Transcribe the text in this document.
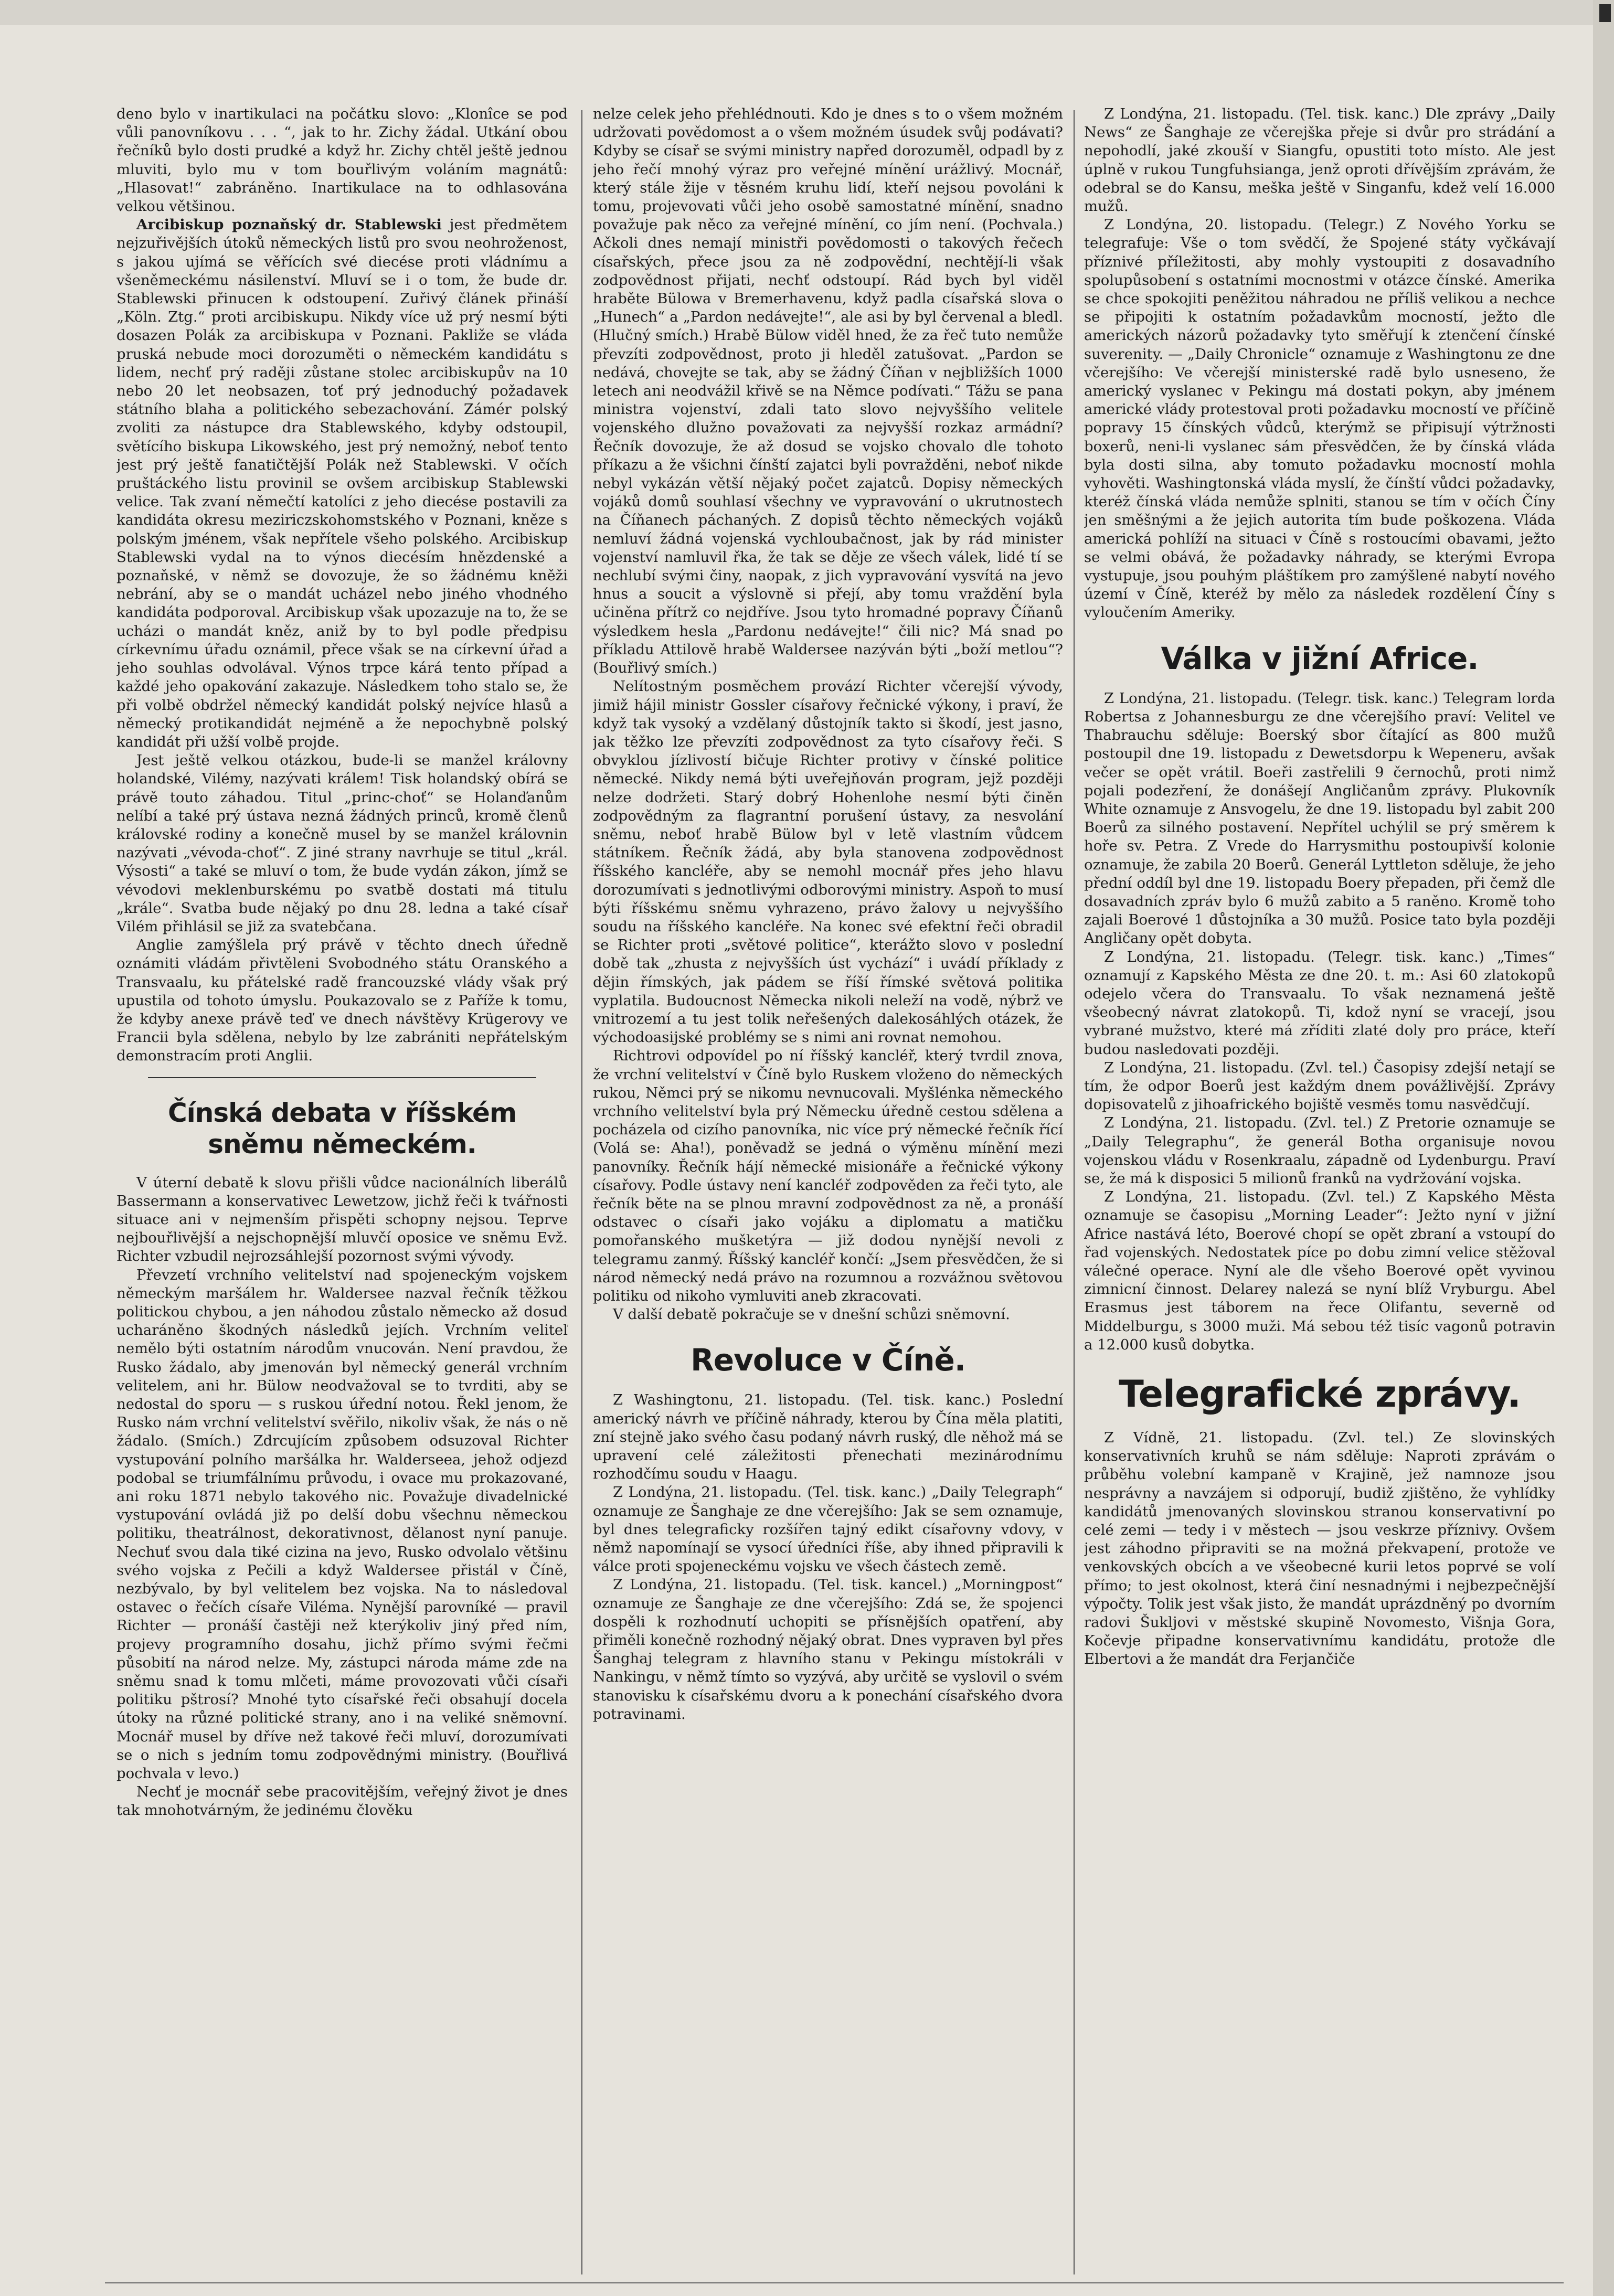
deno bylo v inartikulaci na počátku slovo: „Klonîce se pod vůli panovníkovu . . . “, jak to hr. Zichy žádal. Utkání obou řečníků bylo dosti prudké a když hr. Zichy chtěl ještě jednou mluviti, bylo mu v tom bouřlivým voláním magnátů: „Hlasovat!“ zabráněno. Inartikulace na to odhlasována velkou většinou.

Arcibiskup poznaňský dr. Stablewski jest předmětem nejzuřivějších útoků německých listů pro svou neohroženost, s jakou ujímá se věřících své diecése proti vládnímu a všeněmeckému násilenství. Mluví se i o tom, že bude dr. Stablewski přinucen k odstoupení. Zuřivý článek přináší „Köln. Ztg.“ proti arcibiskupu. Nikdy více už prý nesmí býti dosazen Polák za arcibiskupa v Poznani. Pakliže se vláda pruská nebude moci dorozuměti o německém kandidátu s lidem, nechť prý raději zůstane stolec arcibiskupův na 10 nebo 20 let neobsazen, toť prý jednoduchý požadavek státního blaha a politického sebezachování. Zámér polský zvoliti za nástupce dra Stablewského, kdyby odstoupil, světícího biskupa Likowského, jest prý nemožný, neboť tento jest prý ještě fanatičtější Polák než Stablewski. V očích pruštáckého listu provinil se ovšem arcibiskup Stablewski velice. Tak zvaní němečtí katolíci z jeho diecése postavili za kandidáta okresu meziriczskohomstského v Poznani, kněze s polským jménem, však nepřítele všeho polského. Arcibiskup Stablewski vydal na to výnos diecésím hnězdenské a poznaňské, v němž se dovozuje, že so žádnému kněži nebrání, aby se o mandát ucházel nebo jiného vhodného kandidáta podporoval. Arcibiskup však upozazuje na to, že se ucházi o mandát kněz, aniž by to byl podle předpisu církevnímu úřadu oznámil, přece však se na církevní úřad a jeho souhlas odvolával. Výnos trpce kárá tento případ a každé jeho opakování zakazuje. Následkem toho stalo se, že při volbě obdržel německý kandidát polský nejvíce hlasů a německý protikandidát nejméně a že nepochybně polský kandidát při užší volbě projde.

Jest ještě velkou otázkou, bude-li se manžel královny holandské, Vilémy, nazývati králem! Tisk holandský obírá se právě touto záhadou. Titul „princ-choť“ se Holanďanům nelíbí a také prý ústava nezná žádných princů, kromě členů královské rodiny a konečně musel by se manžel královnin nazývati „vévoda-choť“. Z jiné strany navrhuje se titul „král. Výsosti“ a také se mluví o tom, že bude vydán zákon, jímž se vévodovi meklenburskému po svatbě dostati má titulu „krále“. Svatba bude nějaký po dnu 28. ledna a také císař Vilém přihlásil se již za svatebčana.

Anglie zamýšlela prý právě v těchto dnech úředně oznámiti vládám přivtěleni Svobodného státu Oranského a Transvaalu, ku přátelské radě francouzské vlády však prý upustila od tohoto úmyslu. Poukazovalo se z Paříže k tomu, že kdyby anexe právě teď ve dnech návštěvy Krügerovy ve Francii byla sdělena, nebylo by lze zabrániti nepřátelským demonstracím proti Anglii.

Čínská debata v říšském sněmu německém.

V úterní debatě k slovu přišli vůdce nacionálních liberálů Bassermann a konservativec Lewetzow, jichž řeči k tvářnosti situace ani v nejmenším přispěti schopny nejsou. Teprve nejbouřlivější a nejschopnější mluvčí oposice ve sněmu Evž. Richter vzbudil nejrozsáhlejší pozornost svými vývody.

Převzetí vrchního velitelství nad spojeneckým vojskem německým maršálem hr. Waldersee nazval řečník těžkou politickou chybou, a jen náhodou zůstalo německo až dosud ucharáněno škodných následků jejích. Vrchním veliteľ nemělo býti ostatním národům vnucován. Není pravdou, že Rusko žádalo, aby jmenován byl německý generál vrchním velitelem, ani hr. Bülow neodvažoval se to tvrditi, aby se nedostal do sporu — s ruskou úřední notou. Řekl jenom, že Rusko nám vrchní velitelství svěřilo, nikoliv však, že nás o ně žádalo. (Smích.) Zdrcujícím způsobem odsuzoval Richter vystupování polního maršálka hr. Walderseea, jehož odjezd podobal se triumfálnímu průvodu, i ovace mu prokazované, ani roku 1871 nebylo takového nic. Považuje divadelnické vystupování ovládá již po delší dobu všechnu německou politiku, theatrálnost, dekorativnost, dělanost nyní panuje. Nechuť svou dala tiké cizina na jevo, Rusko odvolalo většinu svého vojska z Pečili a když Waldersee přistál v Číně, nezbývalo, by byl velitelem bez vojska. Na to následoval ostavec o řečích císaře Viléma. Nynější parovníké — pravil Richter — pronáší častěji než kterýkoliv jiný před ním, projevy programního dosahu, jichž přímo svými řečmi působití na národ nelze. My, zástupci národa máme zde na sněmu snad k tomu mlčeti, máme provozovati vůči císaři politiku pštrosí? Mnohé tyto císařské řeči obsahují docela útoky na různé politické strany, ano i na veliké sněmovní. Mocnář musel by dříve než takové řeči mluví, dorozumívati se o nich s jedním tomu zodpovědnými ministry. (Bouřlivá pochvala v levo.)

Nechť je mocnář sebe pracovitějším, veřejný život je dnes tak mnohotvárným, že jedinému člověku

nelze celek jeho přehlédnouti. Kdo je dnes s to o všem možném udržovati povědomost a o všem možném úsudek svůj podávati? Kdyby se císař se svými ministry napřed dorozuměl, odpadl by z jeho řečí mnohý výraz pro veřejné mínění urážlivý. Mocnář, který stále žije v těsném kruhu lidí, kteří nejsou povoláni k tomu, projevovati vůči jeho osobě samostatné mínění, snadno považuje pak něco za veřejné mínění, co jím není. (Pochvala.) Ačkoli dnes nemají ministři povědomosti o takových řečech císařských, přece jsou za ně zodpovědní, nechtějí-li však zodpovědnost přijati, nechť odstoupí. Rád bych byl viděl hraběte Bülowa v Bremerhavenu, když padla císařská slova o „Hunech“ a „Pardon nedávejte!“, ale asi by byl červenal a bledl. (Hlučný smích.) Hrabě Bülow viděl hned, že za řeč tuto nemůže převzíti zodpovědnost, proto ji hleděl zatušovat. „Pardon se nedává, chovejte se tak, aby se žádný Číňan v nejbližších 1000 letech ani neodvážil křivě se na Němce podívati.“ Tážu se pana ministra vojenství, zdali tato slovo nejvyššího velitele vojenského dlužno považovati za nejvyšší rozkaz armádní? Řečník dovozuje, že až dosud se vojsko chovalo dle tohoto příkazu a že všichni čínští zajatci byli povražděni, neboť nikde nebyl vykázán větší nějaký počet zajatců. Dopisy německých vojáků domů souhlasí všechny ve vypravování o ukrutnostech na Číňanech páchaných. Z dopisů těchto německých vojáků nemluví žádná vojenská vychloubačnost, jak by rád minister vojenství namluvil řka, že tak se děje ze všech válek, lidé tí se nechlubí svými činy, naopak, z jich vypravování vysvítá na jevo hnus a soucit a výslovně si přejí, aby tomu vraždění byla učiněna přítrž co nejdříve. Jsou tyto hromadné popravy Číňanů výsledkem hesla „Pardonu nedávejte!“ čili nic? Má snad po příkladu Attilově hrabě Waldersee nazýván býti „boží metlou“? (Bouřlivý smích.)

Nelítostným posměchem provází Richter včerejší vývody, jimiž hájil ministr Gossler císařovy řečnické výkony, i praví, že když tak vysoký a vzdělaný důstojník takto si škodí, jest jasno, jak těžko lze převzíti zodpovědnost za tyto císařovy řeči. S obvyklou jízlivostí bičuje Richter protivy v čínské politice německé. Nikdy nemá býti uveřejňován program, jejž později nelze dodržeti. Starý dobrý Hohenlohe nesmí býti činěn zodpovědným za flagrantní porušení ústavy, za nesvolání sněmu, neboť hrabě Bülow byl v letě vlastním vůdcem státníkem. Řečník žádá, aby byla stanovena zodpovědnost říšského kancléře, aby se nemohl mocnář přes jeho hlavu dorozumívati s jednotlivými odborovými ministry. Aspoň to musí býti říšskému sněmu vyhrazeno, právo žalovy u nejvyššího soudu na říšského kancléře. Na konec své efektní řeči obradil se Richter proti „světové politice“, kterážto slovo v poslední době tak „zhusta z nejvyšších úst vychází“ i uvádí příklady z dějin římských, jak pádem se říší římské světová politika vyplatila. Budoucnost Německa nikoli neleží na vodě, nýbrž ve vnitrozemí a tu jest tolik neřešených dalekosáhlých otázek, že východoasijské problémy se s nimi ani rovnat nemohou.

Richtrovi odpovídel po ní říšský kancléř, který tvrdil znova, že vrchní velitelství v Číně bylo Ruskem vloženo do německých rukou, Němci prý se nikomu nevnucovali. Myšlénka německého vrchního velitelství byla prý Německu úředně cestou sdělena a pocházela od cizího panovníka, nic více prý německé řečník řící (Volá se: Aha!), poněvadž se jedná o výměnu mínění mezi panovníky. Řečník hájí německé misionáře a řečnické výkony císařovy. Podle ústavy není kancléř zodpověden za řeči tyto, ale řečník běte na se plnou mravní zodpovědnost za ně, a pronáší odstavec o císaři jako vojáku a diplomatu a matičku pomořanského mušketýra — již dodou nynější nevoli z telegramu zanmý. Říšský kancléř končí: „Jsem přesvědčen, že si národ německý nedá právo na rozumnou a rozvážnou světovou politiku od nikoho vymluviti aneb zkracovati.

V další debatě pokračuje se v dnešní schůzi sněmovní.

Revoluce v Číně.

Z Washingtonu, 21. listopadu. (Tel. tisk. kanc.) Poslední americký návrh ve příčině náhrady, kterou by Čína měla platiti, zní stejně jako svého času podaný návrh ruský, dle něhož má se upravení celé záležitosti přenechati mezinárodnímu rozhodčímu soudu v Haagu.

Z Londýna, 21. listopadu. (Tel. tisk. kanc.) „Daily Telegraph“ oznamuje ze Šanghaje ze dne včerejšího: Jak se sem oznamuje, byl dnes telegraficky rozšířen tajný edikt císařovny vdovy, v němž napomínají se vysocí úředníci říše, aby ihned připravili k válce proti spojeneckému vojsku ve všech částech země.

Z Londýna, 21. listopadu. (Tel. tisk. kancel.) „Morningpost“ oznamuje ze Šanghaje ze dne včerejšího: Zdá se, že spojenci dospěli k rozhodnutí uchopiti se přísnějších opatření, aby přiměli konečně rozhodný nějaký obrat. Dnes vypraven byl přes Šanghaj telegram z hlavního stanu v Pekingu místokráli v Nankingu, v němž tímto so vyzývá, aby určitě se vyslovil o svém stanovisku k císařskému dvoru a k ponechání císařského dvora potravinami.

Z Londýna, 21. listopadu. (Tel. tisk. kanc.) Dle zprávy „Daily News“ ze Šanghaje ze včerejška přeje si dvůr pro strádání a nepohodlí, jaké zkouší v Siangfu, opustiti toto místo. Ale jest úplně v rukou Tungfuhsianga, jenž oproti dřívějším zprávám, že odebral se do Kansu, meška ještě v Singanfu, kdež velí 16.000 mužů.

Z Londýna, 20. listopadu. (Telegr.) Z Nového Yorku se telegrafuje: Vše o tom svědčí, že Spojené státy vyčkávají příznivé příležitosti, aby mohly vystoupiti z dosavadního spolupůsobení s ostatními mocnostmi v otázce čínské. Amerika se chce spokojiti peněžitou náhradou ne příliš velikou a nechce se připojiti k ostatním požadavkům mocností, ježto dle amerických názorů požadavky tyto směřují k ztenčení čínské suverenity. — „Daily Chronicle“ oznamuje z Washingtonu ze dne včerejšího: Ve včerejší ministerské radě bylo usneseno, že americký vyslanec v Pekingu má dostati pokyn, aby jménem americké vlády protestoval proti požadavku mocností ve příčině popravy 15 čínských vůdců, kterýmž se připisují výtržnosti boxerů, neni-li vyslanec sám přesvědčen, že by čínská vláda byla dosti silna, aby tomuto požadavku mocností mohla vyhověti. Washingtonská vláda myslí, že čínští vůdci požadavky, kteréž čínská vláda nemůže splniti, stanou se tím v očích Číny jen směšnými a že jejich autorita tím bude poškozena. Vláda americká pohlíží na situaci v Číně s rostoucími obavami, ježto se velmi obává, že požadavky náhrady, se kterými Evropa vystupuje, jsou pouhým pláštíkem pro zamýšlené nabytí nového území v Číně, kteréž by mělo za následek rozdělení Číny s vyloučením Ameriky.

Válka v jižní Africe.

Z Londýna, 21. listopadu. (Telegr. tisk. kanc.) Telegram lorda Robertsa z Johannesburgu ze dne včerejšího praví: Velitel ve Thabrauchu sděluje: Boerský sbor čítající as 800 mužů postoupil dne 19. listopadu z Dewetsdorpu k Wepeneru, avšak večer se opět vrátil. Boeři zastřelili 9 černochů, proti nimž pojali podezření, že donášejí Angličanům zprávy. Plukovník White oznamuje z Ansvogelu, že dne 19. listopadu byl zabit 200 Boerů za silného postavení. Nepřítel uchýlil se prý směrem k hoře sv. Petra. Z Vrede do Harrysmithu postoupivší kolonie oznamuje, že zabila 20 Boerů. Generál Lyttleton sděluje, že jeho přední oddíl byl dne 19. listopadu Boery přepaden, při čemž dle dosavadních zpráv bylo 6 mužů zabito a 5 raněno. Kromě toho zajali Boerové 1 důstojníka a 30 mužů. Posice tato byla později Angličany opět dobyta.

Z Londýna, 21. listopadu. (Telegr. tisk. kanc.) „Times“ oznamují z Kapského Města ze dne 20. t. m.: Asi 60 zlatokopů odejelo včera do Transvaalu. To však neznamená ještě všeobecný návrat zlatokopů. Ti, kdož nyní se vracejí, jsou vybrané mužstvo, které má zříditi zlaté doly pro práce, kteří budou nasledovati později.

Z Londýna, 21. listopadu. (Zvl. tel.) Časopisy zdejší netají se tím, že odpor Boerů jest každým dnem povážlivější. Zprávy dopisovatelů z jihoafrického bojiště vesměs tomu nasvědčují.

Z Londýna, 21. listopadu. (Zvl. tel.) Z Pretorie oznamuje se „Daily Telegraphu“, že generál Botha organisuje novou vojenskou vládu v Rosenkraalu, západně od Lydenburgu. Praví se, že má k disposici 5 milionů franků na vydržování vojska.

Z Londýna, 21. listopadu. (Zvl. tel.) Z Kapského Města oznamuje se časopisu „Morning Leader“: Ježto nyní v jižní Africe nastává léto, Boerové chopí se opět zbraní a vstoupí do řad vojenských. Nedostatek píce po dobu zimní velice stěžoval válečné operace. Nyní ale dle všeho Boerové opět vyvinou zimnicní činnost. Delarey nalezá se nyní blíž Vryburgu. Abel Erasmus jest táborem na řece Olifantu, severně od Middelburgu, s 3000 muži. Má sebou též tisíc vagonů potravin a 12.000 kusů dobytka.

Telegrafické zprávy.

Z Vídně, 21. listopadu. (Zvl. tel.) Ze slovinských konservativních kruhů se nám sděluje: Naproti zprávám o průběhu volební kampaně v Krajině, jež namnoze jsou nesprávny a navzájem si odporují, budiž zjištěno, že vyhlídky kandidátů jmenovaných slovinskou stranou konservativní po celé zemi — tedy i v městech — jsou veskrze příznivy. Ovšem jest záhodno připraviti se na možná překvapení, protože ve venkovských obcích a ve všeobecné kurii letos poprvé se volí přímo; to jest okolnost, která činí nesnadnými i nejbezpečnější výpočty. Tolik jest však jisto, že mandát uprázdněný po dvorním radovi Šukljovi v městské skupině Novomesto, Višnja Gora, Kočevje připadne konservativnímu kandidátu, protože dle Elbertovi a že mandát dra Ferjančiče
